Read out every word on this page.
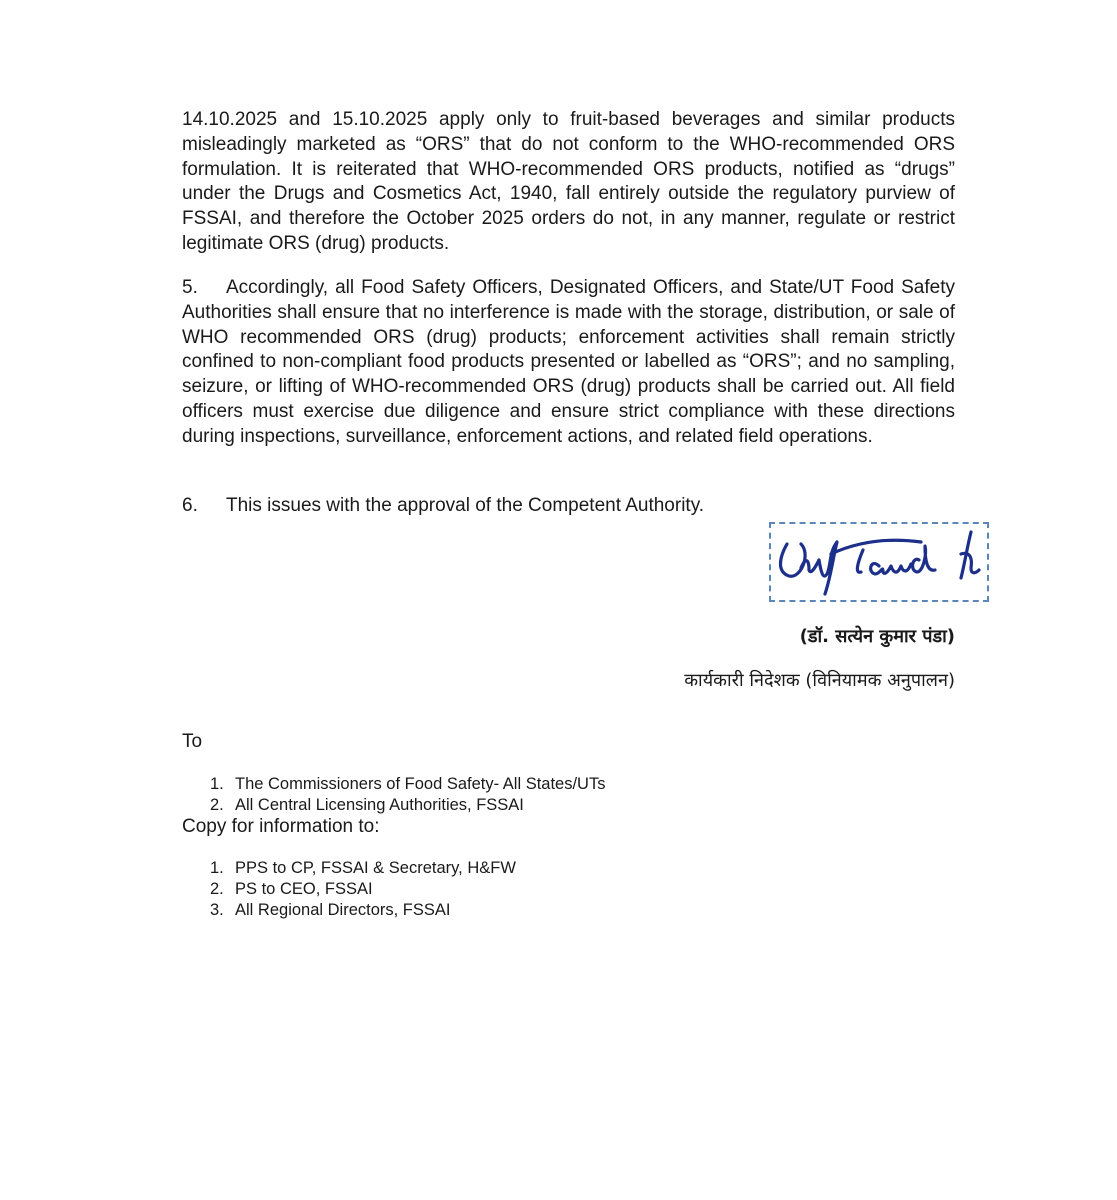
14.10.2025 and 15.10.2025 apply only to fruit-based beverages and similar products misleadingly marketed as “ORS” that do not conform to the WHO-recommended ORS formulation. It is reiterated that WHO-recommended ORS products, notified as “drugs” under the Drugs and Cosmetics Act, 1940, fall entirely outside the regulatory purview of FSSAI, and therefore the October 2025 orders do not, in any manner, regulate or restrict legitimate ORS (drug) products.

5. Accordingly, all Food Safety Officers, Designated Officers, and State/UT Food Safety Authorities shall ensure that no interference is made with the storage, distribution, or sale of WHO recommended ORS (drug) products; enforcement activities shall remain strictly confined to non-compliant food products presented or labelled as “ORS”; and no sampling, seizure, or lifting of WHO-recommended ORS (drug) products shall be carried out. All field officers must exercise due diligence and ensure strict compliance with these directions during inspections, surveillance, enforcement actions, and related field operations.

6. This issues with the approval of the Competent Authority.

(डॉ. सत्येन कुमार पंडा)
कार्यकारी निदेशक (विनियामक अनुपालन)
To
1. The Commissioners of Food Safety- All States/UTs
2. All Central Licensing Authorities, FSSAI
Copy for information to:
1. PPS to CP, FSSAI & Secretary, H&FW
2. PS to CEO, FSSAI
3. All Regional Directors, FSSAI
